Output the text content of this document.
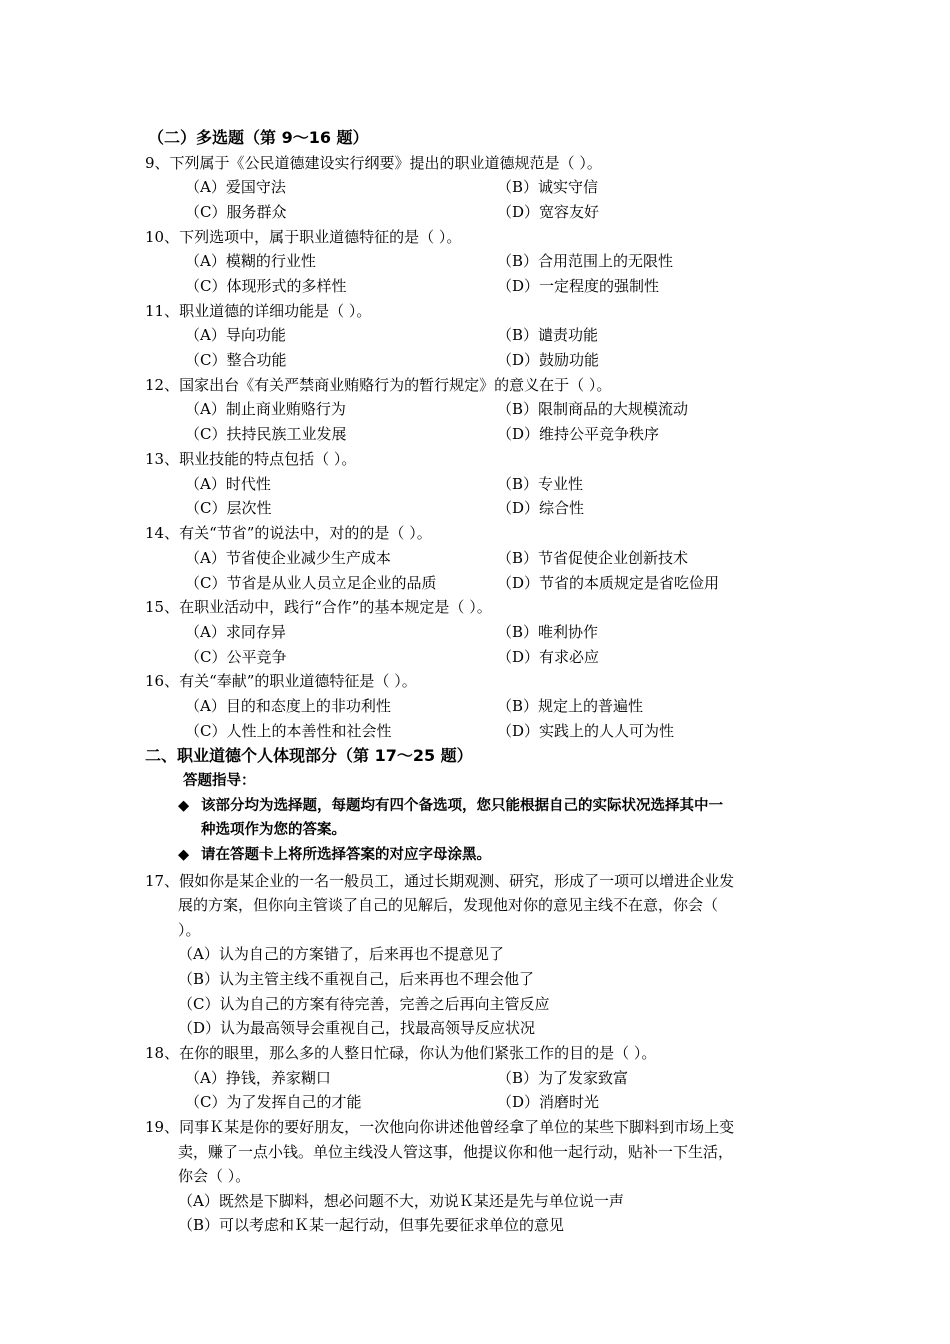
（二）多选题（第 9～16 题）
9、下列属于《公民道德建设实行纲要》提出的职业道德规范是（ ）。
（A）爱国守法	（B）诚实守信
（C）服务群众	（D）宽容友好
10、下列选项中，属于职业道德特征的是（ ）。
（A）模糊的行业性	（B）合用范围上的无限性
（C）体现形式的多样性	（D）一定程度的强制性
11、职业道德的详细功能是（ ）。
（A）导向功能	（B）谴责功能
（C）整合功能	（D）鼓励功能
12、国家出台《有关严禁商业贿赂行为的暂行规定》的意义在于（ ）。
（A）制止商业贿赂行为	（B）限制商品的大规模流动
（C）扶持民族工业发展	（D）维持公平竞争秩序
13、职业技能的特点包括（ ）。
（A）时代性	（B）专业性
（C）层次性	（D）综合性
14、有关“节省”的说法中，对的的是（ ）。
（A）节省使企业减少生产成本	（B）节省促使企业创新技术
（C）节省是从业人员立足企业的品质	（D）节省的本质规定是省吃俭用
15、在职业活动中，践行“合作”的基本规定是（ ）。
（A）求同存异	（B）唯利协作
（C）公平竞争	（D）有求必应
16、有关“奉献”的职业道德特征是（ ）。
（A）目的和态度上的非功利性	（B）规定上的普遍性
（C）人性上的本善性和社会性	（D）实践上的人人可为性
二、职业道德个人体现部分（第 17～25 题）
答题指导：
◆ 该部分均为选择题，每题均有四个备选项，您只能根据自己的实际状况选择其中一
种选项作为您的答案。
◆ 请在答题卡上将所选择答案的对应字母涂黑。
17、假如你是某企业的一名一般员工，通过长期观测、研究，形成了一项可以增进企业发
展的方案，但你向主管谈了自己的见解后，发现他对你的意见主线不在意，你会（
）。
（A）认为自己的方案错了，后来再也不提意见了
（B）认为主管主线不重视自己，后来再也不理会他了
（C）认为自己的方案有待完善，完善之后再向主管反应
（D）认为最高领导会重视自己，找最高领导反应状况
18、在你的眼里，那么多的人整日忙碌，你认为他们紧张工作的目的是（ ）。
（A）挣钱，养家糊口	（B）为了发家致富
（C）为了发挥自己的才能	（D）消磨时光
19、同事Ｋ某是你的要好朋友，一次他向你讲述他曾经拿了单位的某些下脚料到市场上变
卖，赚了一点小钱。单位主线没人管这事，他提议你和他一起行动，贴补一下生活，
你会（ ）。
（A）既然是下脚料，想必问题不大，劝说Ｋ某还是先与单位说一声
（B）可以考虑和Ｋ某一起行动，但事先要征求单位的意见
